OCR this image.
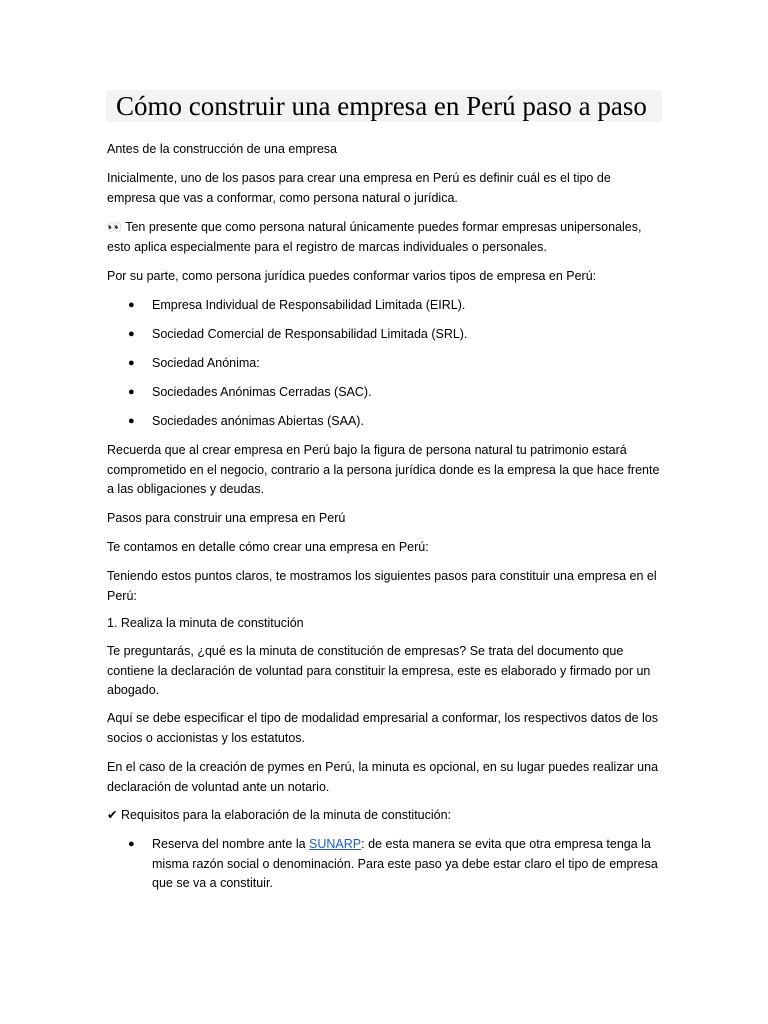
Cómo construir una empresa en Perú paso a paso

Antes de la construcción de una empresa

Inicialmente, uno de los pasos para crear una empresa en Perú es definir cuál es el tipo de empresa que vas a conformar, como persona natural o jurídica.

👀 Ten presente que como persona natural únicamente puedes formar empresas unipersonales, esto aplica especialmente para el registro de marcas individuales o personales.

Por su parte, como persona jurídica puedes conformar varios tipos de empresa en Perú:

● Empresa Individual de Responsabilidad Limitada (EIRL).
● Sociedad Comercial de Responsabilidad Limitada (SRL).
● Sociedad Anónima:
● Sociedades Anónimas Cerradas (SAC).
● Sociedades anónimas Abiertas (SAA).

Recuerda que al crear empresa en Perú bajo la figura de persona natural tu patrimonio estará comprometido en el negocio, contrario a la persona jurídica donde es la empresa la que hace frente a las obligaciones y deudas.

Pasos para construir una empresa en Perú

Te contamos en detalle cómo crear una empresa en Perú:

Teniendo estos puntos claros, te mostramos los siguientes pasos para constituir una empresa en el Perú:

1. Realiza la minuta de constitución

Te preguntarás, ¿qué es la minuta de constitución de empresas? Se trata del documento que contiene la declaración de voluntad para constituir la empresa, este es elaborado y firmado por un abogado.

Aquí se debe especificar el tipo de modalidad empresarial a conformar, los respectivos datos de los socios o accionistas y los estatutos.

En el caso de la creación de pymes en Perú, la minuta es opcional, en su lugar puedes realizar una declaración de voluntad ante un notario.

✔ Requisitos para la elaboración de la minuta de constitución:

● Reserva del nombre ante la SUNARP: de esta manera se evita que otra empresa tenga la misma razón social o denominación. Para este paso ya debe estar claro el tipo de empresa que se va a constituir.
